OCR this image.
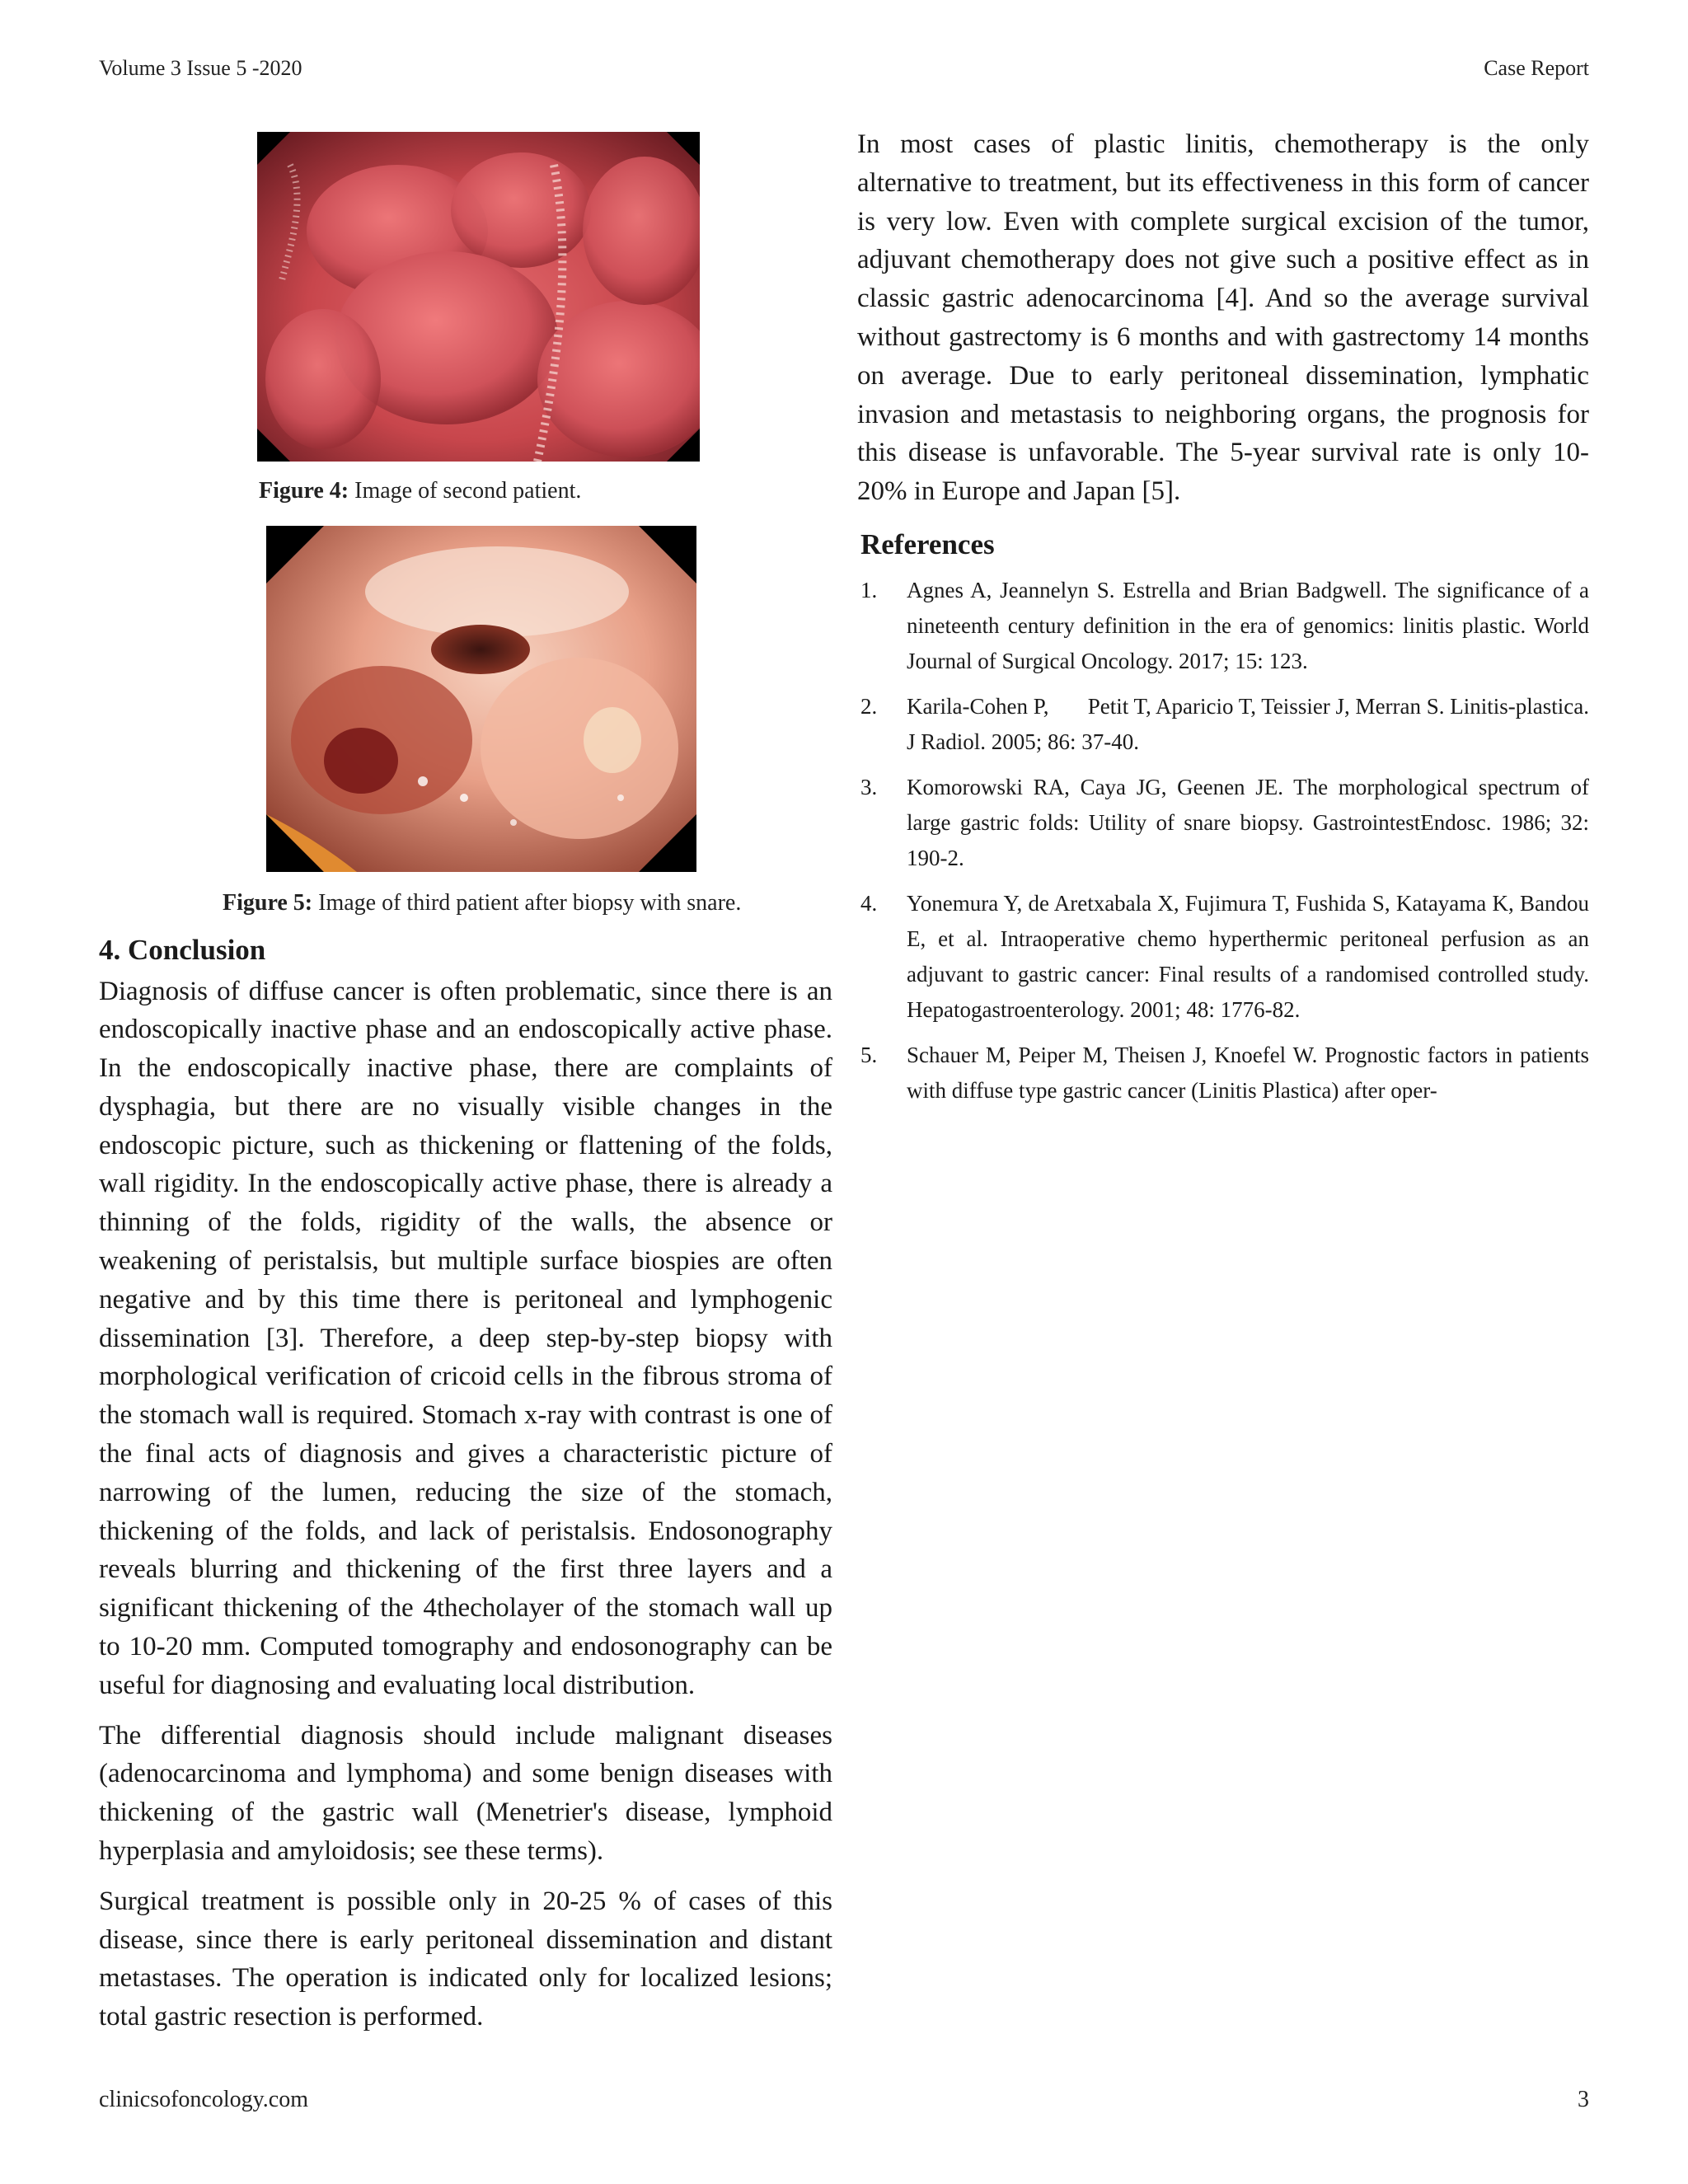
Volume 3 Issue 5 -2020	Case Report
Figure 4: Image of second patient.
Figure 5: Image of third patient after biopsy with snare.
4. Conclusion

Diagnosis of diffuse cancer is often problematic, since there is an endoscopically inactive phase and an endoscopically active phase. In the endoscopically inactive phase, there are complaints of dysphagia, but there are no visually visible changes in the endoscopic picture, such as thickening or flattening of the folds, wall rigidity. In the endoscopically active phase, there is already a thinning of the folds, rigidity of the walls, the absence or weakening of peristalsis, but multiple surface biospies are often negative and by this time there is peritoneal and lymphogenic dissemination [3]. Therefore, a deep step-by-step biopsy with morphological verification of cricoid cells in the fibrous stroma of the stomach wall is required. Stomach x-ray with contrast is one of the final acts of diagnosis and gives a characteristic picture of narrowing of the lumen, reducing the size of the stomach, thickening of the folds, and lack of peristalsis. Endosonography reveals blurring and thickening of the first three layers and a significant thickening of the 4thecholayer of the stomach wall up to 10-20 mm. Computed tomography and endosonography can be useful for diagnosing and evaluating local distribution.

The differential diagnosis should include malignant diseases (adenocarcinoma and lymphoma) and some benign diseases with thickening of the gastric wall (Menetrier's disease, lymphoid hyperplasia and amyloidosis; see these terms).

Surgical treatment is possible only in 20-25 % of cases of this disease, since there is early peritoneal dissemination and distant metastases. The operation is indicated only for localized lesions; total gastric resection is performed.

In most cases of plastic linitis, chemotherapy is the only alternative to treatment, but its effectiveness in this form of cancer is very low. Even with complete surgical excision of the tumor, adjuvant chemotherapy does not give such a positive effect as in classic gastric adenocarcinoma [4]. And so the average survival without gastrectomy is 6 months and with gastrectomy 14 months on average. Due to early peritoneal dissemination, lymphatic invasion and metastasis to neighboring organs, the prognosis for this disease is unfavorable. The 5-year survival rate is only 10-20% in Europe and Japan [5].

References
1. Agnes A, Jeannelyn S. Estrella and Brian Badgwell. The significance of a nineteenth century definition in the era of genomics: linitis plastic. World Journal of Surgical Oncology. 2017; 15: 123.
2. Karila-Cohen P,       Petit T, Aparicio T, Teissier J, Merran S. Linitis-plastica. J Radiol. 2005; 86: 37-40.
3. Komorowski RA, Caya JG, Geenen JE. The morphological spectrum of large gastric folds: Utility of snare biopsy. GastrointestEndosc. 1986; 32: 190-2.
4. Yonemura Y, de Aretxabala X, Fujimura T, Fushida S, Katayama K, Bandou E, et al. Intraoperative chemo hyperthermic peritoneal perfusion as an adjuvant to gastric cancer: Final results of a randomised controlled study. Hepatogastroenterology. 2001; 48: 1776-82.
5. Schauer M, Peiper M, Theisen J, Knoefel W. Prognostic factors in patients with diffuse type gastric cancer (Linitis Plastica) after oper-
clinicsofoncology.com	3
